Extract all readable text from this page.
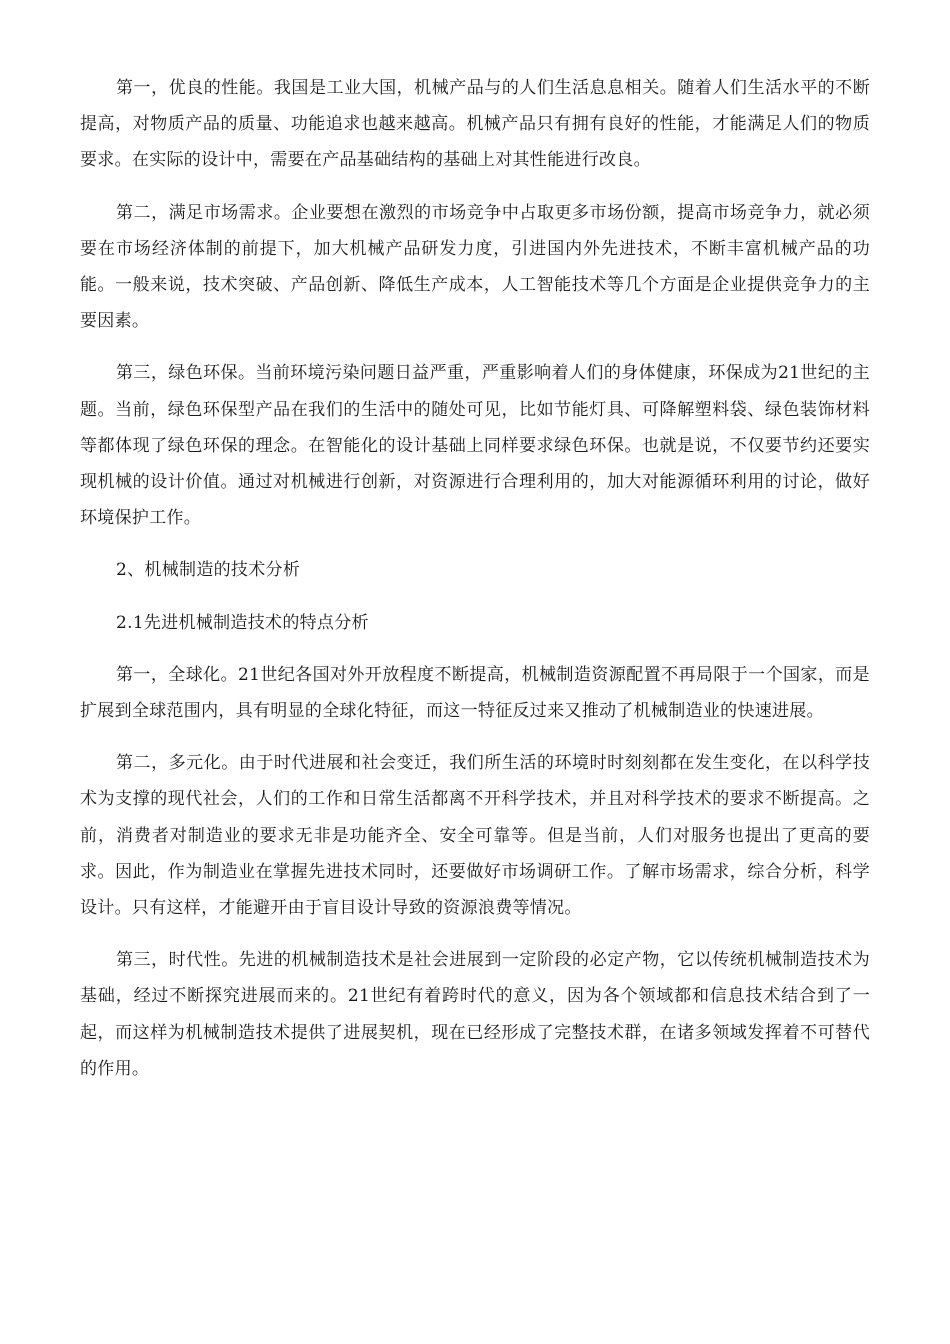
第一，优良的性能。我国是工业大国，机械产品与的人们生活息息相关。随着人们生活水平的不断提高，对物质产品的质量、功能追求也越来越高。机械产品只有拥有良好的性能，才能满足人们的物质要求。在实际的设计中，需要在产品基础结构的基础上对其性能进行改良。

第二，满足市场需求。企业要想在激烈的市场竞争中占取更多市场份额，提高市场竞争力，就必须要在市场经济体制的前提下，加大机械产品研发力度，引进国内外先进技术，不断丰富机械产品的功能。一般来说，技术突破、产品创新、降低生产成本，人工智能技术等几个方面是企业提供竞争力的主要因素。

第三，绿色环保。当前环境污染问题日益严重，严重影响着人们的身体健康，环保成为21世纪的主题。当前，绿色环保型产品在我们的生活中的随处可见，比如节能灯具、可降解塑料袋、绿色装饰材料等都体现了绿色环保的理念。在智能化的设计基础上同样要求绿色环保。也就是说，不仅要节约还要实现机械的设计价值。通过对机械进行创新，对资源进行合理利用的，加大对能源循环利用的讨论，做好环境保护工作。

2、机械制造的技术分析

2.1先进机械制造技术的特点分析

第一，全球化。21世纪各国对外开放程度不断提高，机械制造资源配置不再局限于一个国家，而是扩展到全球范围内，具有明显的全球化特征，而这一特征反过来又推动了机械制造业的快速进展。

第二，多元化。由于时代进展和社会变迁，我们所生活的环境时时刻刻都在发生变化，在以科学技术为支撑的现代社会，人们的工作和日常生活都离不开科学技术，并且对科学技术的要求不断提高。之前，消费者对制造业的要求无非是功能齐全、安全可靠等。但是当前，人们对服务也提出了更高的要求。因此，作为制造业在掌握先进技术同时，还要做好市场调研工作。了解市场需求，综合分析，科学设计。只有这样，才能避开由于盲目设计导致的资源浪费等情况。

第三，时代性。先进的机械制造技术是社会进展到一定阶段的必定产物，它以传统机械制造技术为基础，经过不断探究进展而来的。21世纪有着跨时代的意义，因为各个领域都和信息技术结合到了一起，而这样为机械制造技术提供了进展契机，现在已经形成了完整技术群，在诸多领域发挥着不可替代的作用。
